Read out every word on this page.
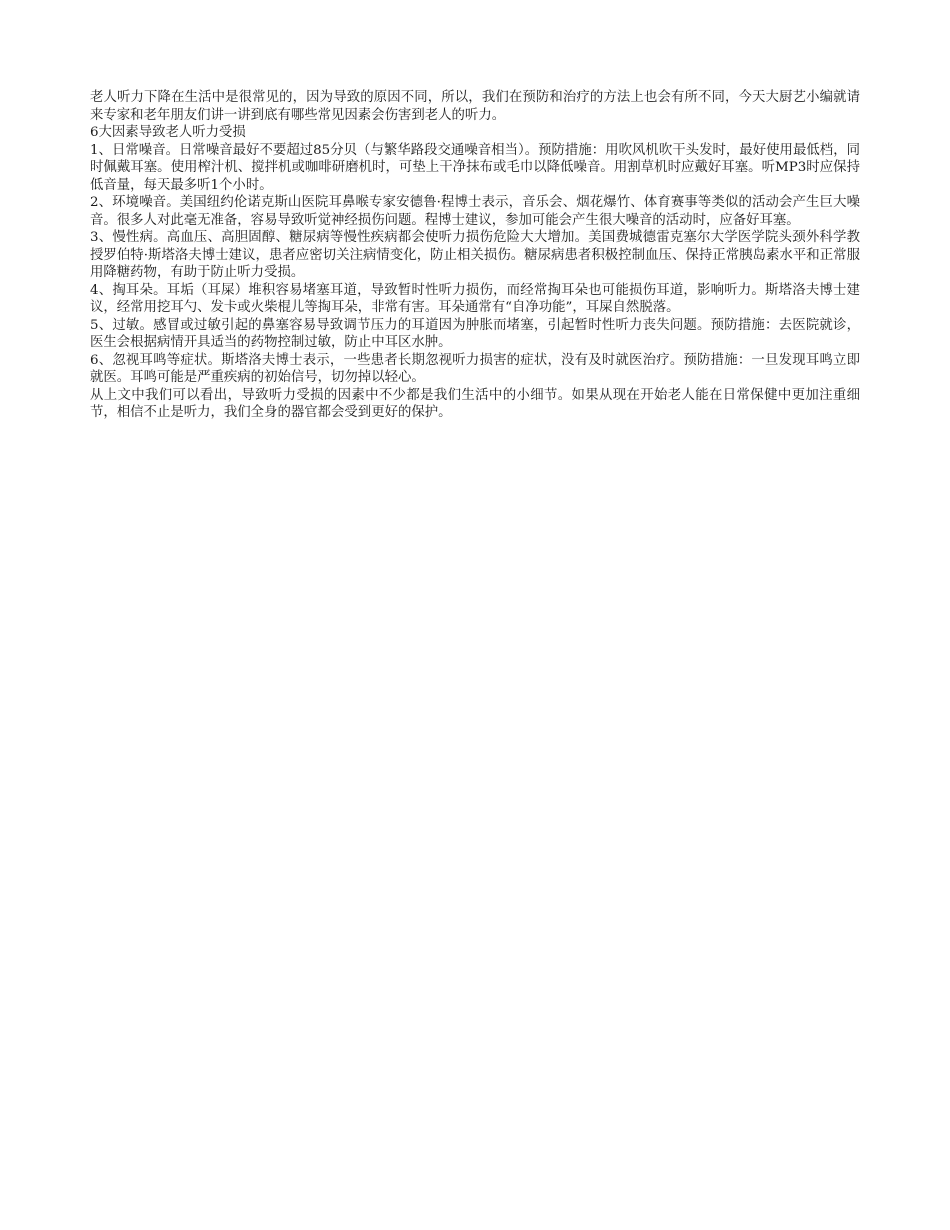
老人听力下降在生活中是很常见的，因为导致的原因不同，所以，我们在预防和治疗的方法上也会有所不同，今天大厨艺小编就请来专家和老年朋友们讲一讲到底有哪些常见因素会伤害到老人的听力。

6大因素导致老人听力受损

1、日常噪音。日常噪音最好不要超过85分贝（与繁华路段交通噪音相当）。预防措施：用吹风机吹干头发时，最好使用最低档，同时佩戴耳塞。使用榨汁机、搅拌机或咖啡研磨机时，可垫上干净抹布或毛巾以降低噪音。用割草机时应戴好耳塞。听MP3时应保持低音量，每天最多听1个小时。

2、环境噪音。美国纽约伦诺克斯山医院耳鼻喉专家安德鲁·程博士表示，音乐会、烟花爆竹、体育赛事等类似的活动会产生巨大噪音。很多人对此毫无准备，容易导致听觉神经损伤问题。程博士建议，参加可能会产生很大噪音的活动时，应备好耳塞。

3、慢性病。高血压、高胆固醇、糖尿病等慢性疾病都会使听力损伤危险大大增加。美国费城德雷克塞尔大学医学院头颈外科学教授罗伯特·斯塔洛夫博士建议，患者应密切关注病情变化，防止相关损伤。糖尿病患者积极控制血压、保持正常胰岛素水平和正常服用降糖药物，有助于防止听力受损。

4、掏耳朵。耳垢（耳屎）堆积容易堵塞耳道，导致暂时性听力损伤，而经常掏耳朵也可能损伤耳道，影响听力。斯塔洛夫博士建议，经常用挖耳勺、发卡或火柴棍儿等掏耳朵，非常有害。耳朵通常有“自净功能”，耳屎自然脱落。

5、过敏。感冒或过敏引起的鼻塞容易导致调节压力的耳道因为肿胀而堵塞，引起暂时性听力丧失问题。预防措施：去医院就诊，医生会根据病情开具适当的药物控制过敏，防止中耳区水肿。

6、忽视耳鸣等症状。斯塔洛夫博士表示，一些患者长期忽视听力损害的症状，没有及时就医治疗。预防措施：一旦发现耳鸣立即就医。耳鸣可能是严重疾病的初始信号，切勿掉以轻心。

从上文中我们可以看出，导致听力受损的因素中不少都是我们生活中的小细节。如果从现在开始老人能在日常保健中更加注重细节，相信不止是听力，我们全身的器官都会受到更好的保护。
